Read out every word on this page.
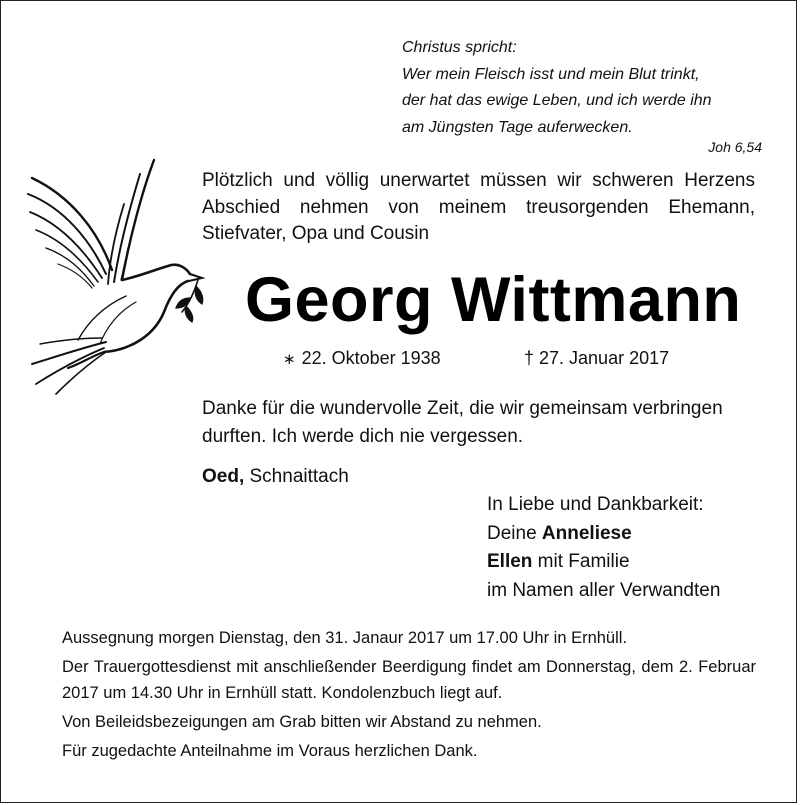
Christus spricht:
Wer mein Fleisch isst und mein Blut trinkt,
der hat das ewige Leben, und ich werde ihn
am Jüngsten Tage auferwecken.
Joh 6,54
Plötzlich und völlig unerwartet müssen wir schweren Herzens Abschied nehmen von meinem treusorgenden Ehemann, Stiefvater, Opa und Cousin
Georg Wittmann
∗ 22. Oktober 1938	† 27. Januar 2017
Danke für die wundervolle Zeit, die wir gemeinsam verbringen durften. Ich werde dich nie vergessen.
Oed, Schnaittach
In Liebe und Dankbarkeit:
Deine Anneliese
Ellen mit Familie
im Namen aller Verwandten

Aussegnung morgen Dienstag, den 31. Janaur 2017 um 17.00 Uhr in Ernhüll.

Der Trauergottesdienst mit anschließender Beerdigung findet am Donnerstag, dem 2. Februar 2017 um 14.30 Uhr in Ernhüll statt. Kondolenzbuch liegt auf.

Von Beileidsbezeigungen am Grab bitten wir Abstand zu nehmen.

Für zugedachte Anteilnahme im Voraus herzlichen Dank.
